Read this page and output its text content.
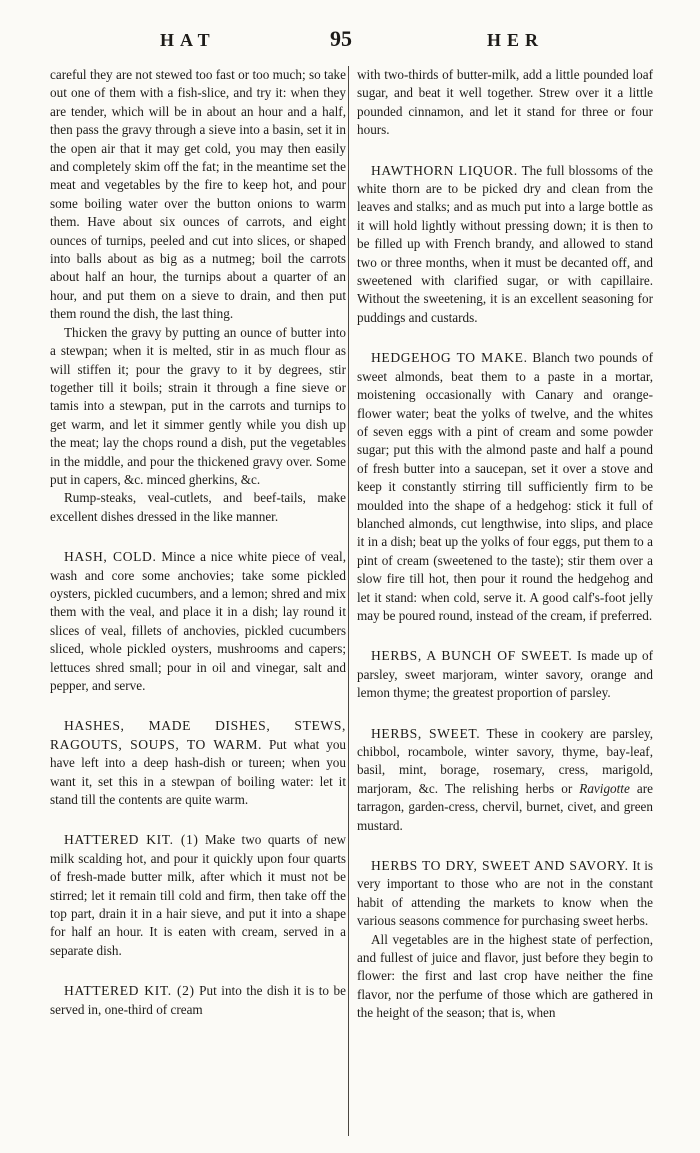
HAT	95	HER

careful they are not stewed too fast or too much; so take out one of them with a fish-slice, and try it: when they are tender, which will be in about an hour and a half, then pass the gravy through a sieve into a basin, set it in the open air that it may get cold, you may then easily and completely skim off the fat; in the meantime set the meat and vegetables by the fire to keep hot, and pour some boiling water over the button onions to warm them. Have about six ounces of carrots, and eight ounces of turnips, peeled and cut into slices, or shaped into balls about as big as a nutmeg; boil the carrots about half an hour, the turnips about a quarter of an hour, and put them on a sieve to drain, and then put them round the dish, the last thing.

Thicken the gravy by putting an ounce of butter into a stewpan; when it is melted, stir in as much flour as will stiffen it; pour the gravy to it by degrees, stir together till it boils; strain it through a fine sieve or tamis into a stewpan, put in the carrots and turnips to get warm, and let it simmer gently while you dish up the meat; lay the chops round a dish, put the vegetables in the middle, and pour the thickened gravy over. Some put in capers, &c. minced gherkins, &c.

Rump-steaks, veal-cutlets, and beef-tails, make excellent dishes dressed in the like manner.

HASH, COLD. Mince a nice white piece of veal, wash and core some anchovies; take some pickled oysters, pickled cucumbers, and a lemon; shred and mix them with the veal, and place it in a dish; lay round it slices of veal, fillets of anchovies, pickled cucumbers sliced, whole pickled oysters, mushrooms and capers; lettuces shred small; pour in oil and vinegar, salt and pepper, and serve.

HASHES, MADE DISHES, STEWS, RAGOUTS, SOUPS, TO WARM. Put what you have left into a deep hash-dish or tureen; when you want it, set this in a stewpan of boiling water: let it stand till the contents are quite warm.

HATTERED KIT. (1) Make two quarts of new milk scalding hot, and pour it quickly upon four quarts of fresh-made butter milk, after which it must not be stirred; let it remain till cold and firm, then take off the top part, drain it in a hair sieve, and put it into a shape for half an hour. It is eaten with cream, served in a separate dish.

HATTERED KIT. (2) Put into the dish it is to be served in, one-third of cream

with two-thirds of butter-milk, add a little pounded loaf sugar, and beat it well together. Strew over it a little pounded cinnamon, and let it stand for three or four hours.

HAWTHORN LIQUOR. The full blossoms of the white thorn are to be picked dry and clean from the leaves and stalks; and as much put into a large bottle as it will hold lightly without pressing down; it is then to be filled up with French brandy, and allowed to stand two or three months, when it must be decanted off, and sweetened with clarified sugar, or with capillaire. Without the sweetening, it is an excellent seasoning for puddings and custards.

HEDGEHOG TO MAKE. Blanch two pounds of sweet almonds, beat them to a paste in a mortar, moistening occasionally with Canary and orange-flower water; beat the yolks of twelve, and the whites of seven eggs with a pint of cream and some powder sugar; put this with the almond paste and half a pound of fresh butter into a saucepan, set it over a stove and keep it constantly stirring till sufficiently firm to be moulded into the shape of a hedgehog: stick it full of blanched almonds, cut lengthwise, into slips, and place it in a dish; beat up the yolks of four eggs, put them to a pint of cream (sweetened to the taste); stir them over a slow fire till hot, then pour it round the hedgehog and let it stand: when cold, serve it. A good calf's-foot jelly may be poured round, instead of the cream, if preferred.

HERBS, A BUNCH OF SWEET. Is made up of parsley, sweet marjoram, winter savory, orange and lemon thyme; the greatest proportion of parsley.

HERBS, SWEET. These in cookery are parsley, chibbol, rocambole, winter savory, thyme, bay-leaf, basil, mint, borage, rosemary, cress, marigold, marjoram, &c. The relishing herbs or Ravigotte are tarragon, garden-cress, chervil, burnet, civet, and green mustard.

HERBS TO DRY, SWEET AND SAVORY. It is very important to those who are not in the constant habit of attending the markets to know when the various seasons commence for purchasing sweet herbs.

All vegetables are in the highest state of perfection, and fullest of juice and flavor, just before they begin to flower: the first and last crop have neither the fine flavor, nor the perfume of those which are gathered in the height of the season; that is, when
